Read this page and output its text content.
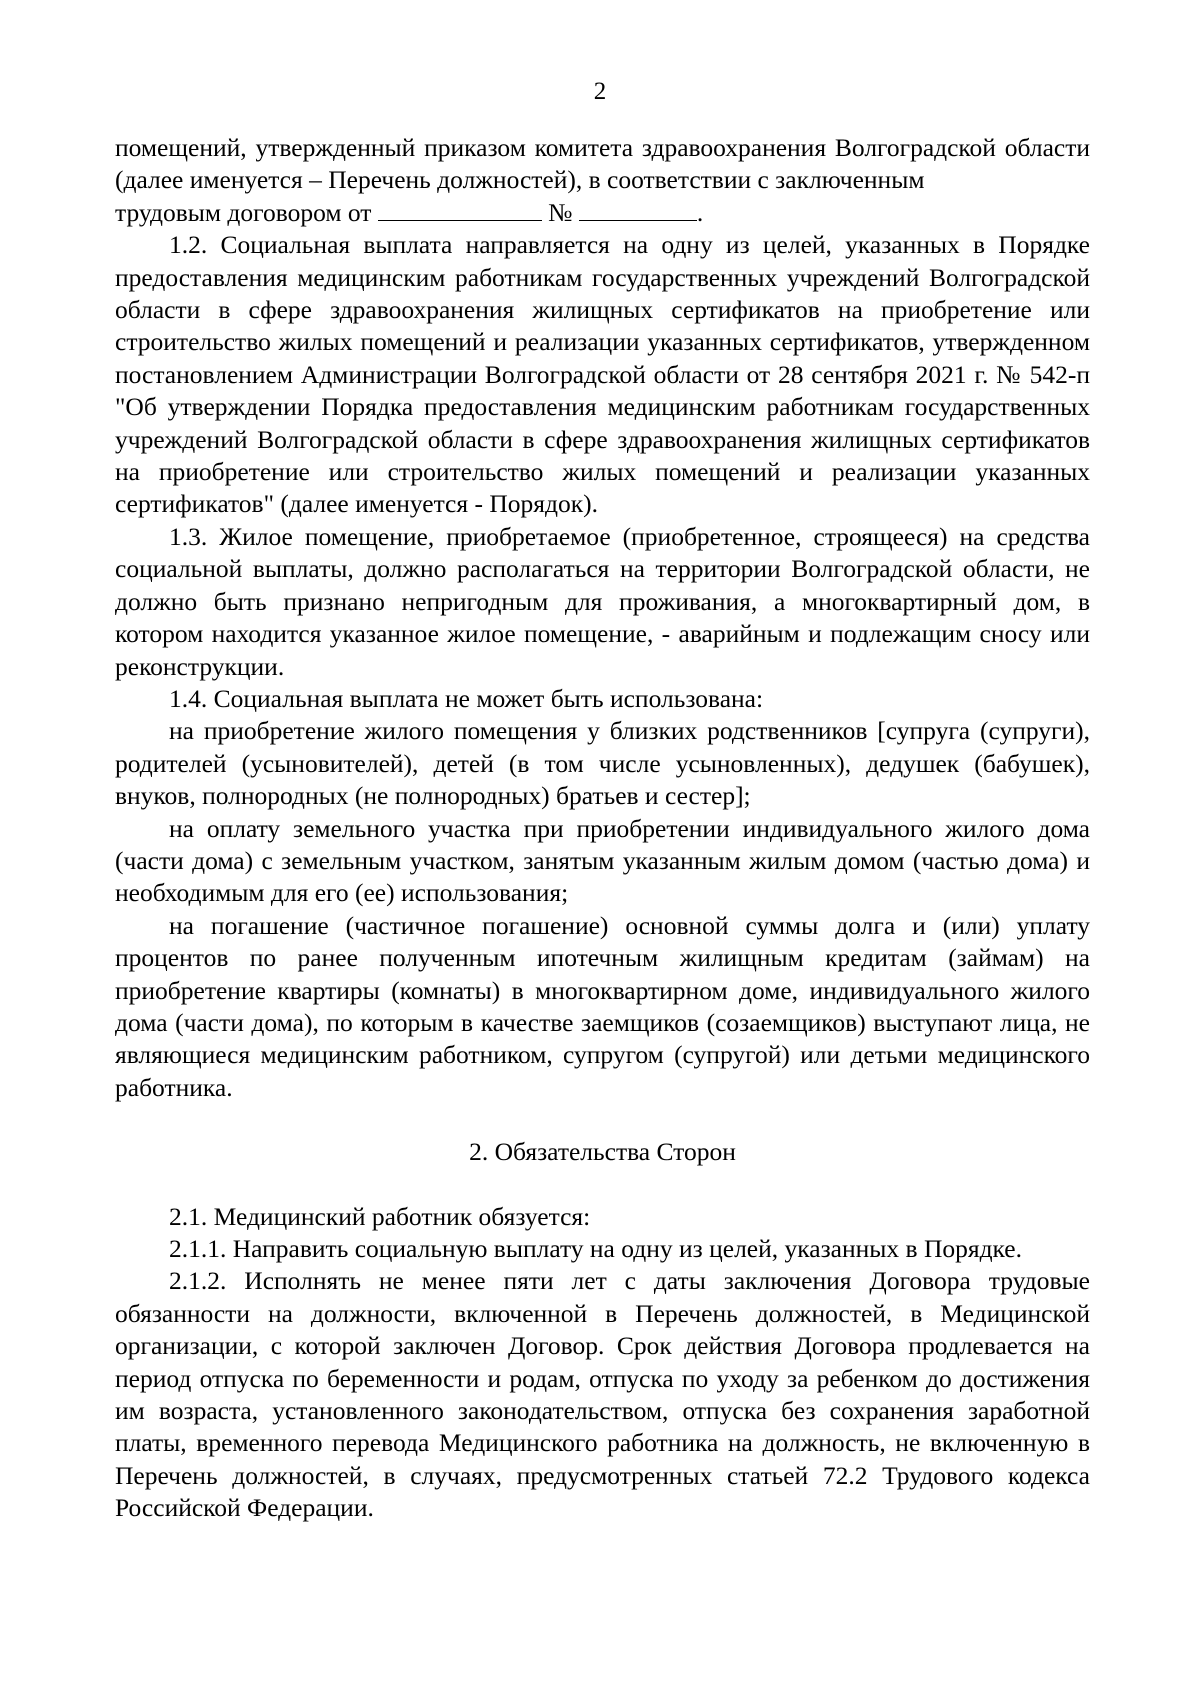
2

помещений, утвержденный приказом комитета здравоохранения Волгоградской области (далее именуется – Перечень должностей), в соответствии с заключенным

трудовым договором от	№	.

1.2. Социальная выплата направляется на одну из целей, указанных в Порядке предоставления медицинским работникам государственных учреждений Волгоградской области в сфере здравоохранения жилищных сертификатов на приобретение или строительство жилых помещений и реализации указанных сертификатов, утвержденном постановлением Администрации Волгоградской области от 28 сентября 2021 г. № 542-п "Об утверждении Порядка предоставления медицинским работникам государственных учреждений Волгоградской области в сфере здравоохранения жилищных сертификатов на приобретение или строительство жилых помещений и реализации указанных сертификатов" (далее именуется - Порядок).

1.3. Жилое помещение, приобретаемое (приобретенное, строящееся) на средства социальной выплаты, должно располагаться на территории Волгоградской области, не должно быть признано непригодным для проживания, а многоквартирный дом, в котором находится указанное жилое помещение, - аварийным и подлежащим сносу или реконструкции.

1.4. Социальная выплата не может быть использована:

на приобретение жилого помещения у близких родственников [супруга (супруги), родителей (усыновителей), детей (в том числе усыновленных), дедушек (бабушек), внуков, полнородных (не полнородных) братьев и сестер];

на оплату земельного участка при приобретении индивидуального жилого дома (части дома) с земельным участком, занятым указанным жилым домом (частью дома) и необходимым для его (ее) использования;

на погашение (частичное погашение) основной суммы долга и (или) уплату процентов по ранее полученным ипотечным жилищным кредитам (займам) на приобретение квартиры (комнаты) в многоквартирном доме, индивидуального жилого дома (части дома), по которым в качестве заемщиков (созаемщиков) выступают лица, не являющиеся медицинским работником, супругом (супругой) или детьми медицинского работника.

2. Обязательства Сторон

2.1. Медицинский работник обязуется:

2.1.1. Направить социальную выплату на одну из целей, указанных в Порядке.

2.1.2. Исполнять не менее пяти лет с даты заключения Договора трудовые обязанности на должности, включенной в Перечень должностей, в Медицинской организации, с которой заключен Договор. Срок действия Договора продлевается на период отпуска по беременности и родам, отпуска по уходу за ребенком до достижения им возраста, установленного законодательством, отпуска без сохранения заработной платы, временного перевода Медицинского работника на должность, не включенную в Перечень должностей, в случаях, предусмотренных статьей 72.2 Трудового кодекса Российской Федерации.
